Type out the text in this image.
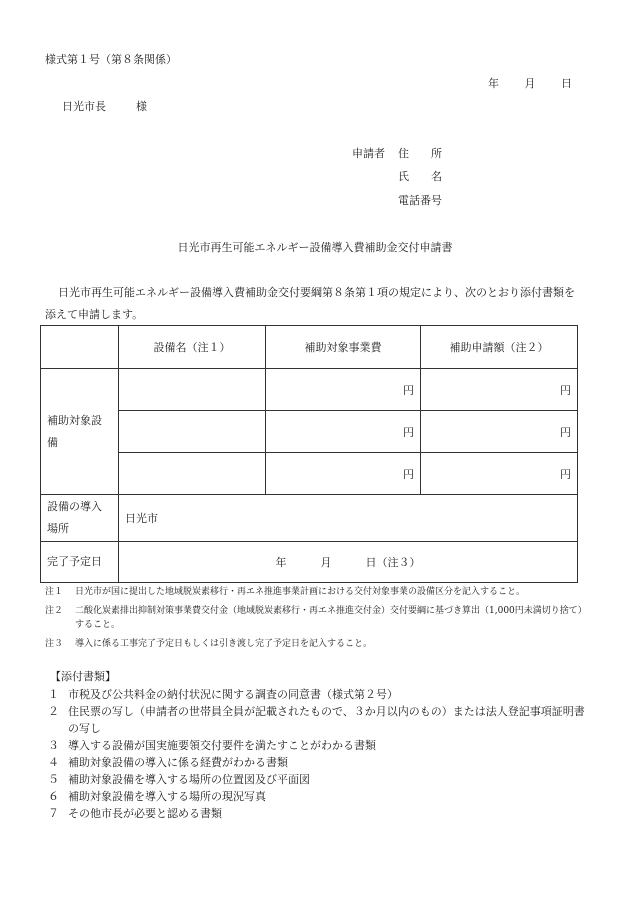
様式第１号（第８条関係）
年 月 日
日光市長	様
申請者 住 所
氏 名
電話番号
日光市再生可能エネルギー設備導入費補助金交付申請書
日光市再生可能エネルギー設備導入費補助金交付要綱第８条第１項の規定により、次のとおり添付書類を添えて申請します。
	設備名（注１）	補助対象事業費	補助申請額（注２）
補助対象設備		円	円
		円	円
		円	円
設備の導入場所	日光市		
完了予定日	年 月 日（注３）		
注１	日光市が国に提出した地域脱炭素移行・再エネ推進事業計画における交付対象事業の設備区分を記入すること。
注２	二酸化炭素排出抑制対策事業費交付金（地域脱炭素移行・再エネ推進交付金）交付要綱に基づき算出（1,000円未満切り捨て）すること。
注３	導入に係る工事完了予定日もしくは引き渡し完了予定日を記入すること。
【添付書類】
１ 市税及び公共料金の納付状況に関する調査の同意書（様式第２号）
２ 住民票の写し（申請者の世帯員全員が記載されたもので、３か月以内のもの）または法人登記事項証明書の写し
３ 導入する設備が国実施要領交付要件を満たすことがわかる書類
４ 補助対象設備の導入に係る経費がわかる書類
５ 補助対象設備を導入する場所の位置図及び平面図
６ 補助対象設備を導入する場所の現況写真
７ その他市長が必要と認める書類
